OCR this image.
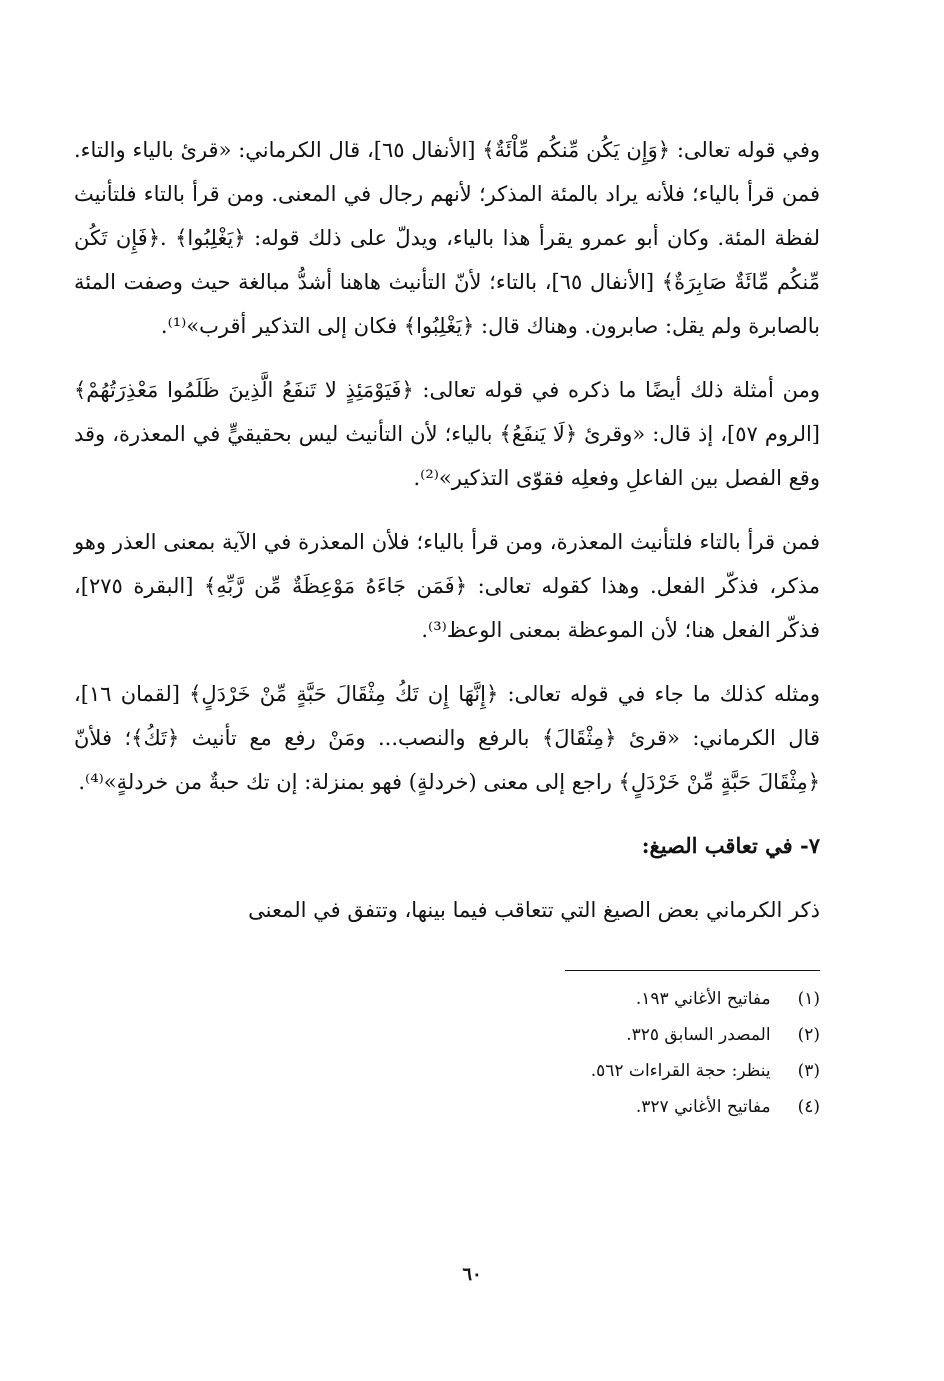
وفي قوله تعالى: ﴿وَإِن يَكُن مِّنكُم مِّاْئَةٌ﴾ [الأنفال ٦٥]، قال الكرماني: «قرئ بالياء والتاء. فمن قرأ بالياء؛ فلأنه يراد بالمئة المذكر؛ لأنهم رجال في المعنى. ومن قرأ بالتاء فلتأنيث لفظة المئة. وكان أبو عمرو يقرأ هذا بالياء، ويدلّ على ذلك قوله: ﴿يَغْلِبُوا﴾ .﴿فَإِن تَكُن مِّنكُم مِّائَةٌ صَابِرَةٌ﴾ [الأنفال ٦٥]، بالتاء؛ لأنّ التأنيث هاهنا أشدُّ مبالغة حيث وصفت المئة بالصابرة ولم يقل: صابرون. وهناك قال: ﴿يَغْلِبُوا﴾ فكان إلى التذكير أقرب»⁽¹⁾.

ومن أمثلة ذلك أيضًا ما ذكره في قوله تعالى: ﴿فَيَوْمَئِذٍ لا تَنفَعُ الَّذِينَ ظَلَمُوا مَعْذِرَتُهُمْ﴾ [الروم ٥٧]، إذ قال: «وقرئ ﴿لَا يَنفَعُ﴾ بالياء؛ لأن التأنيث ليس بحقيقيٍّ في المعذرة، وقد وقع الفصل بين الفاعلِ وفعلِه فقوّى التذكير»⁽²⁾.

فمن قرأ بالتاء فلتأنيث المعذرة، ومن قرأ بالياء؛ فلأن المعذرة في الآية بمعنى العذر وهو مذكر، فذكّر الفعل. وهذا كقوله تعالى: ﴿فَمَن جَاءَهُ مَوْعِظَةٌ مِّن رَّبِّهِ﴾ [البقرة ٢٧٥]، فذكّر الفعل هنا؛ لأن الموعظة بمعنى الوعظ⁽³⁾.

ومثله كذلك ما جاء في قوله تعالى: ﴿إِنَّهَا إِن تَكُ مِثْقَالَ حَبَّةٍ مِّنْ خَرْدَلٍ﴾ [لقمان ١٦]، قال الكرماني: «قرئ ﴿مِثْقَالَ﴾ بالرفع والنصب... ومَنْ رفع مع تأنيث ﴿تَكُ﴾؛ فلأنّ ﴿مِثْقَالَ حَبَّةٍ مِّنْ خَرْدَلٍ﴾ راجع إلى معنى (خردلةٍ) فهو بمنزلة: إن تك حبةٌ من خردلةٍ»⁽⁴⁾.

٧- في تعاقب الصيغ:

ذكر الكرماني بعض الصيغ التي تتعاقب فيما بينها، وتتفق في المعنى

(١) مفاتيح الأغاني ١٩٣.
(٢) المصدر السابق ٣٢٥.
(٣) ينظر: حجة القراءات ٥٦٢.
(٤) مفاتيح الأغاني ٣٢٧.
٦٠
